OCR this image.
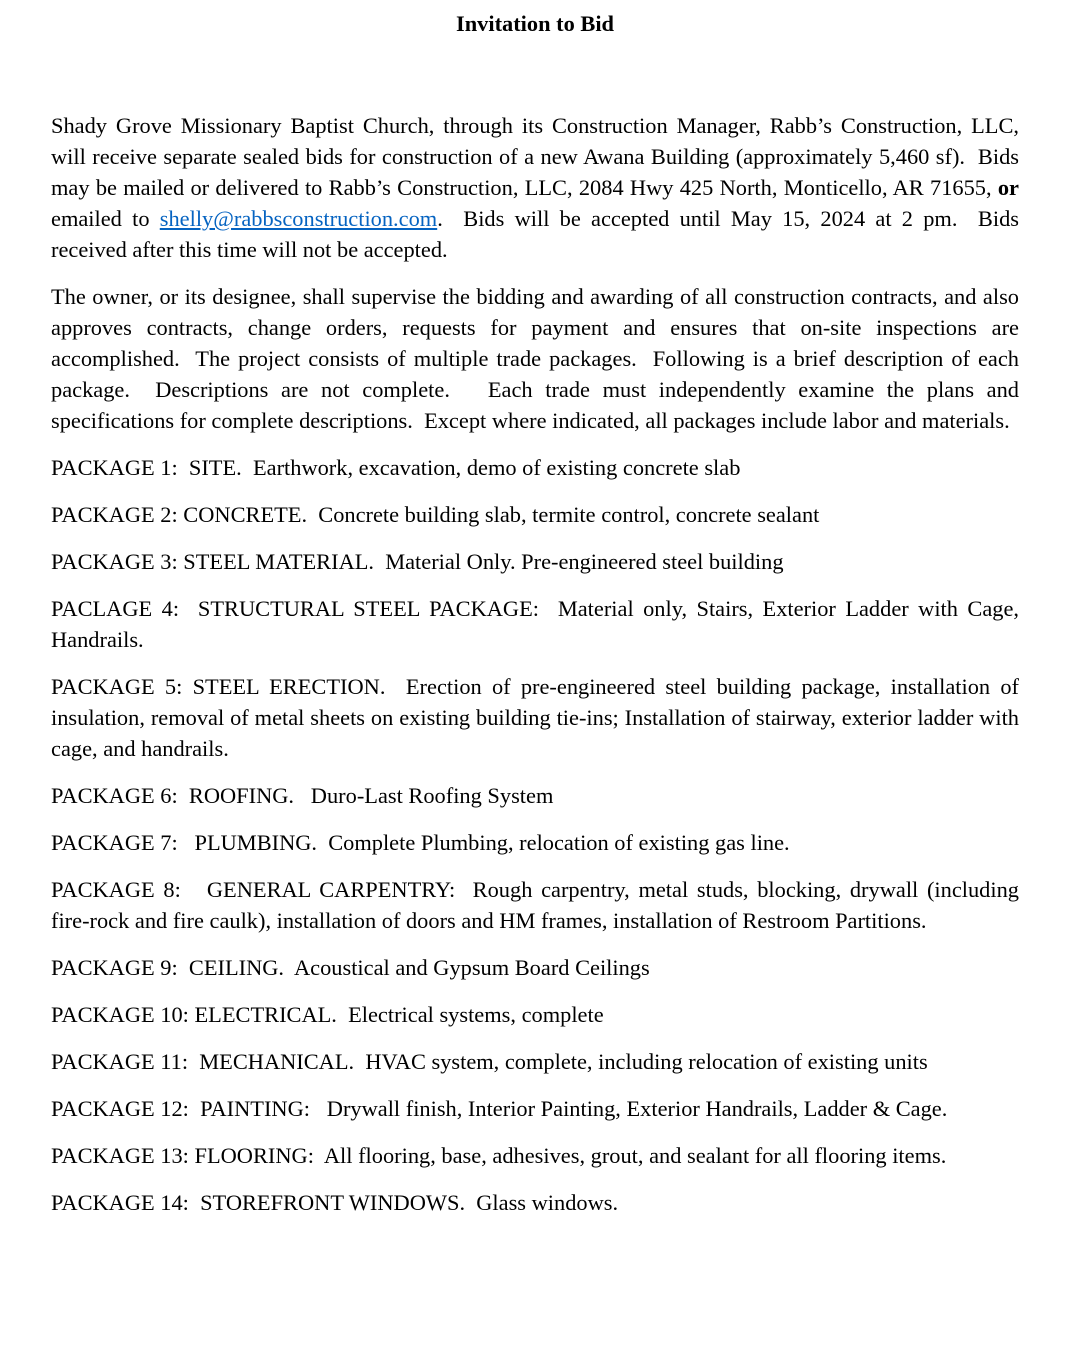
Invitation to Bid

Shady Grove Missionary Baptist Church, through its Construction Manager, Rabb’s Construction, LLC, will receive separate sealed bids for construction of a new Awana Building (approximately 5,460 sf).  Bids may be mailed or delivered to Rabb’s Construction, LLC, 2084 Hwy 425 North, Monticello, AR 71655, or emailed to shelly@rabbsconstruction.com.  Bids will be accepted until May 15, 2024 at 2 pm.  Bids received after this time will not be accepted.

The owner, or its designee, shall supervise the bidding and awarding of all construction contracts, and also approves contracts, change orders, requests for payment and ensures that on-site inspections are accomplished.  The project consists of multiple trade packages.  Following is a brief description of each package.  Descriptions are not complete.   Each trade must independently examine the plans and specifications for complete descriptions.  Except where indicated, all packages include labor and materials.

PACKAGE 1:  SITE.  Earthwork, excavation, demo of existing concrete slab

PACKAGE 2: CONCRETE.  Concrete building slab, termite control, concrete sealant

PACKAGE 3: STEEL MATERIAL.  Material Only. Pre-engineered steel building

PACLAGE 4:  STRUCTURAL STEEL PACKAGE:  Material only, Stairs, Exterior Ladder with Cage, Handrails.

PACKAGE 5: STEEL ERECTION.  Erection of pre-engineered steel building package, installation of insulation, removal of metal sheets on existing building tie-ins; Installation of stairway, exterior ladder with cage, and handrails.

PACKAGE 6:  ROOFING.   Duro-Last Roofing System

PACKAGE 7:   PLUMBING.  Complete Plumbing, relocation of existing gas line.

PACKAGE 8:   GENERAL CARPENTRY:  Rough carpentry, metal studs, blocking, drywall (including fire-rock and fire caulk), installation of doors and HM frames, installation of Restroom Partitions.

PACKAGE 9:  CEILING.  Acoustical and Gypsum Board Ceilings

PACKAGE 10: ELECTRICAL.  Electrical systems, complete

PACKAGE 11:  MECHANICAL.  HVAC system, complete, including relocation of existing units

PACKAGE 12:  PAINTING:   Drywall finish, Interior Painting, Exterior Handrails, Ladder & Cage.

PACKAGE 13: FLOORING:  All flooring, base, adhesives, grout, and sealant for all flooring items.

PACKAGE 14:  STOREFRONT WINDOWS.  Glass windows.
